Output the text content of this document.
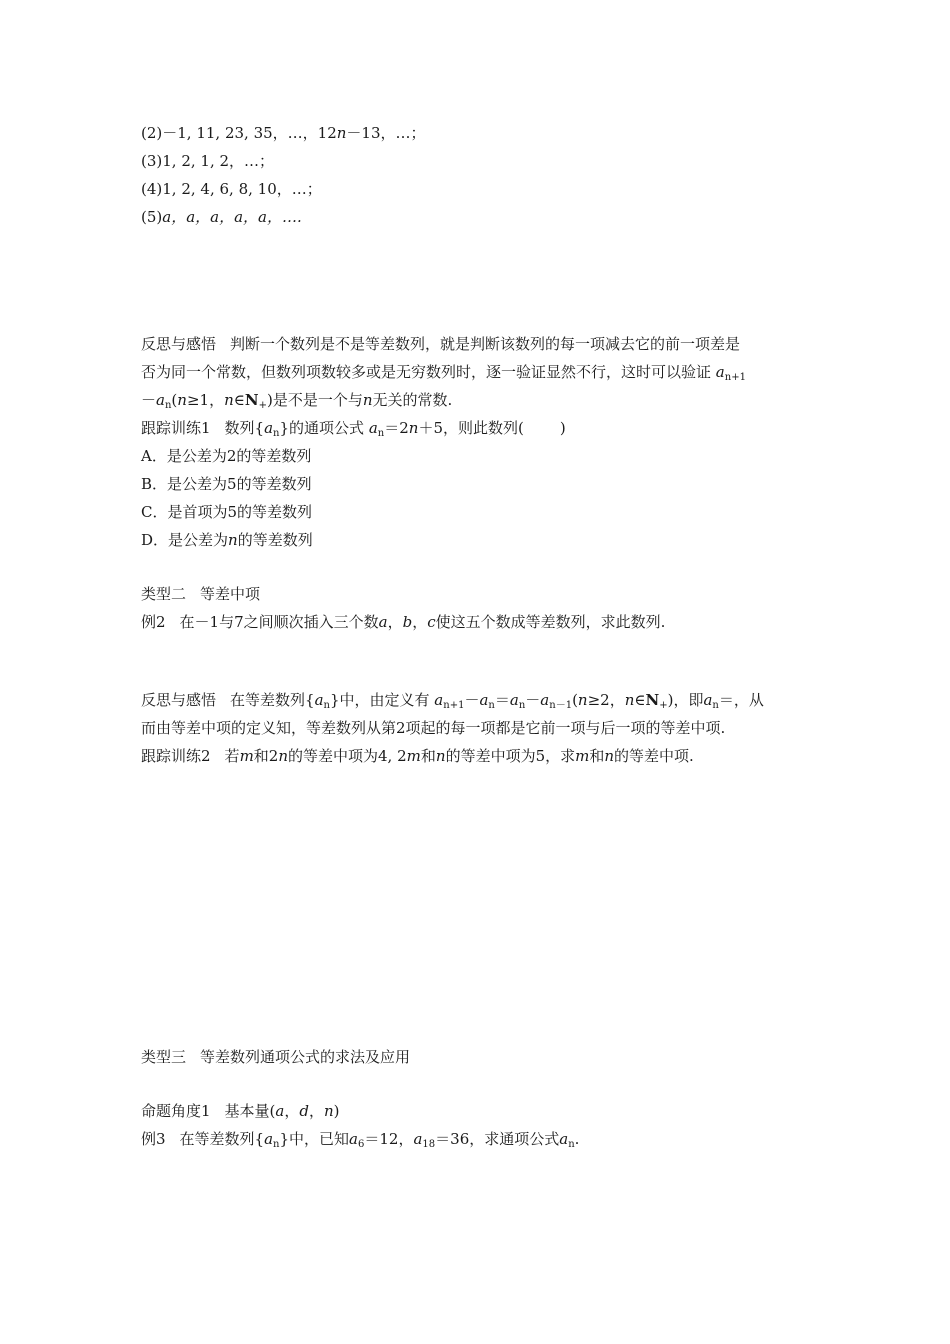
(2)－1, 11, 23, 35，…，12n－13，…；
(3)1, 2, 1, 2，…；
(4)1, 2, 4, 6, 8, 10，…；
(5)a，a，a，a，a，….
反思与感悟 判断一个数列是不是等差数列，就是判断该数列的每一项减去它的前一项差是
否为同一个常数，但数列项数较多或是无穷数列时，逐一验证显然不行，这时可以验证 $a_{n+1}$
$-a_n(n\ge 1$，$n\in N_+$)是不是一个与n无关的常数.
跟踪训练1 数列$\{a_n\}$的通项公式 $a_n=2n+5$，则此数列( )
A．是公差为2的等差数列
B．是公差为5的等差数列
C．是首项为5的等差数列
D．是公差为n的等差数列
类型二 等差中项
例2 在－1与7之间顺次插入三个数a，b，c使这五个数成等差数列，求此数列.
反思与感悟 在等差数列$\{a_n\}$中，由定义有 $a_{n+1}-a_n=a_n-a_{n-1}(n\ge 2$，$n\in N_+$)，即$a_n=$，从
而由等差中项的定义知，等差数列从第2项起的每一项都是它前一项与后一项的等差中项.
跟踪训练2 若m和2n的等差中项为4, 2m和n的等差中项为5，求m和n的等差中项.
类型三 等差数列通项公式的求法及应用
命题角度1 基本量(a，d，n)
例3 在等差数列$\{a_n\}$中，已知$a_6=12$，$a_{18}=36$，求通项公式$a_n$.
